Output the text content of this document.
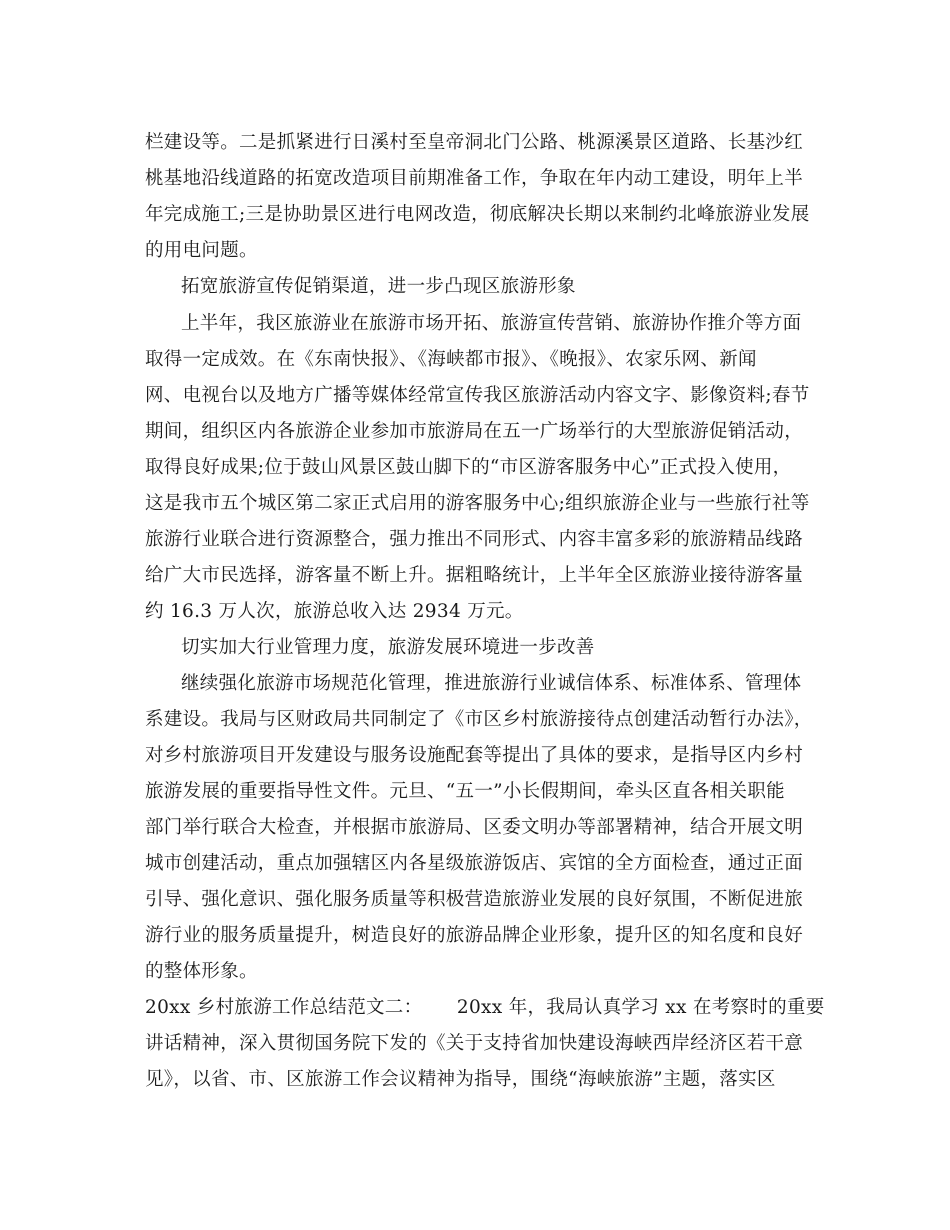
栏建设等。二是抓紧进行日溪村至皇帝洞北门公路、桃源溪景区道路、长基沙红
桃基地沿线道路的拓宽改造项目前期准备工作，争取在年内动工建设，明年上半
年完成施工;三是协助景区进行电网改造，彻底解决长期以来制约北峰旅游业发展
的用电问题。
拓宽旅游宣传促销渠道，进一步凸现区旅游形象
上半年，我区旅游业在旅游市场开拓、旅游宣传营销、旅游协作推介等方面
取得一定成效。在《东南快报》、《海峡都市报》、《晚报》、农家乐网、新闻
网、电视台以及地方广播等媒体经常宣传我区旅游活动内容文字、影像资料;春节
期间，组织区内各旅游企业参加市旅游局在五一广场举行的大型旅游促销活动，
取得良好成果;位于鼓山风景区鼓山脚下的“市区游客服务中心”正式投入使用，
这是我市五个城区第二家正式启用的游客服务中心;组织旅游企业与一些旅行社等
旅游行业联合进行资源整合，强力推出不同形式、内容丰富多彩的旅游精品线路
给广大市民选择，游客量不断上升。据粗略统计，上半年全区旅游业接待游客量
约 16.3 万人次，旅游总收入达 2934 万元。
切实加大行业管理力度，旅游发展环境进一步改善
继续强化旅游市场规范化管理，推进旅游行业诚信体系、标准体系、管理体
系建设。我局与区财政局共同制定了《市区乡村旅游接待点创建活动暂行办法》，
对乡村旅游项目开发建设与服务设施配套等提出了具体的要求，是指导区内乡村
旅游发展的重要指导性文件。元旦、“五一”小长假期间，牵头区直各相关职能
部门举行联合大检查，并根据市旅游局、区委文明办等部署精神，结合开展文明
城市创建活动，重点加强辖区内各星级旅游饭店、宾馆的全方面检查，通过正面
引导、强化意识、强化服务质量等积极营造旅游业发展的良好氛围，不断促进旅
游行业的服务质量提升，树造良好的旅游品牌企业形象，提升区的知名度和良好
的整体形象。
20xx 乡村旅游工作总结范文二：　　 20xx 年，我局认真学习 xx 在考察时的重要
讲话精神，深入贯彻国务院下发的《关于支持省加快建设海峡西岸经济区若干意
见》，以省、市、区旅游工作会议精神为指导，围绕“海峡旅游”主题，落实区
